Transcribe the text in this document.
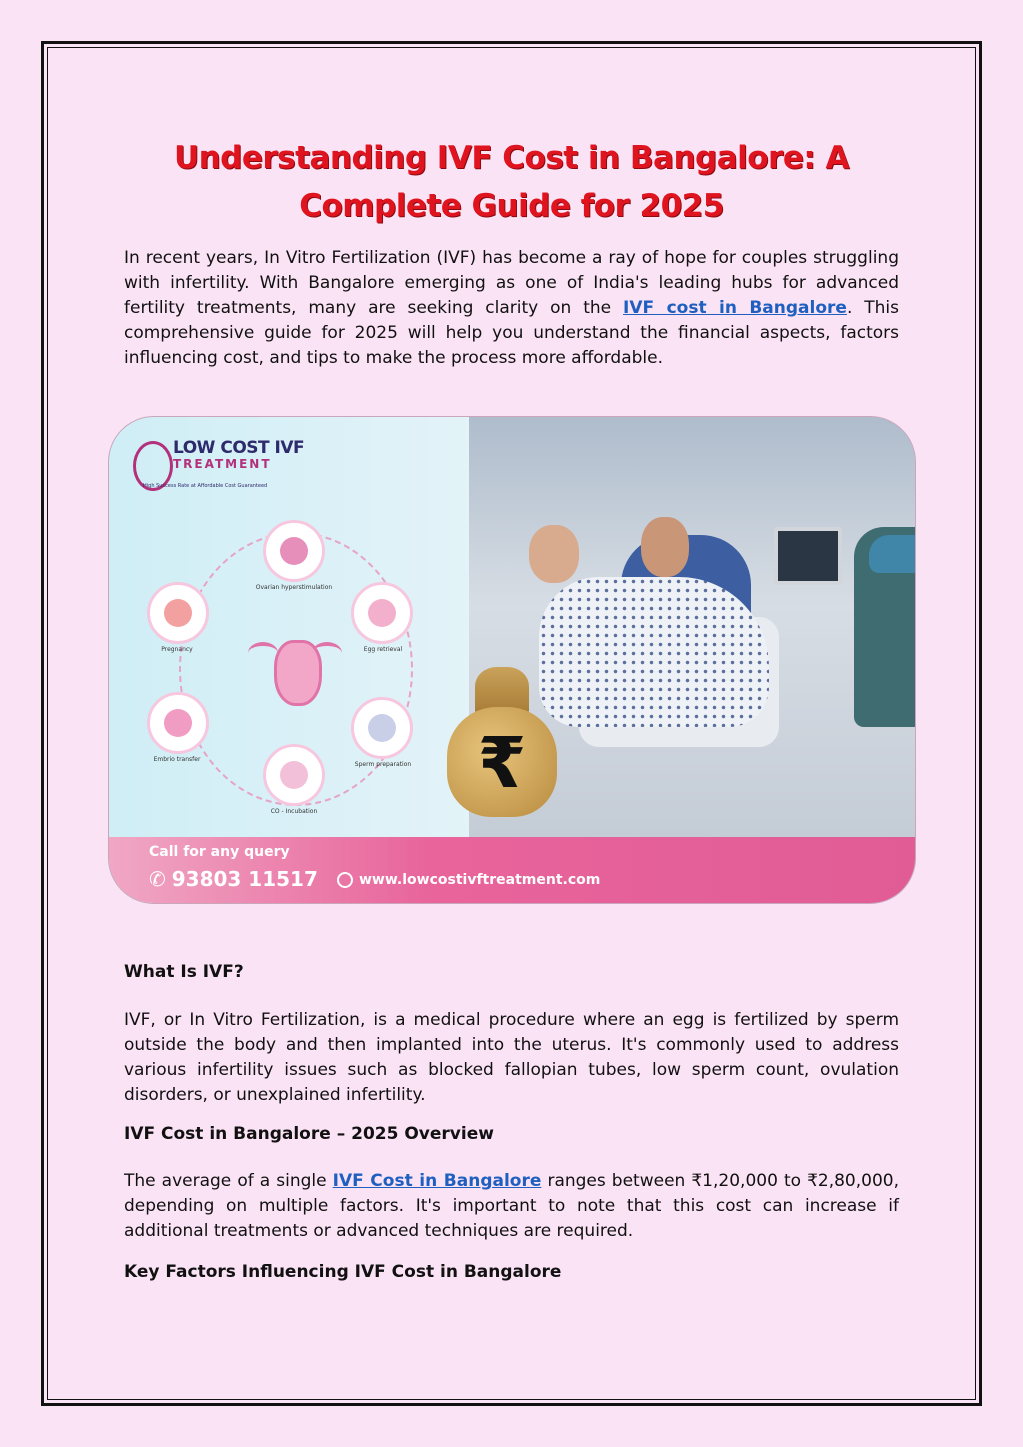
Understanding IVF Cost in Bangalore: A Complete Guide for 2025

In recent years, In Vitro Fertilization (IVF) has become a ray of hope for couples struggling with infertility. With Bangalore emerging as one of India's leading hubs for advanced fertility treatments, many are seeking clarity on the IVF cost in Bangalore. This comprehensive guide for 2025 will help you understand the financial aspects, factors influencing cost, and tips to make the process more affordable.

LOW COST IVF
TREATMENT
High Success Rate at Affordable Cost Guaranteed
Ovarian hyperstimulation
Egg retrieval
Sperm preparation
CO - Incubation
Embrio transfer
Pregnancy
₹
Call for any query
✆ 93803 11517	www.lowcostivftreatment.com
What Is IVF?

IVF, or In Vitro Fertilization, is a medical procedure where an egg is fertilized by sperm outside the body and then implanted into the uterus. It's commonly used to address various infertility issues such as blocked fallopian tubes, low sperm count, ovulation disorders, or unexplained infertility.

IVF Cost in Bangalore – 2025 Overview

The average of a single IVF Cost in Bangalore ranges between ₹1,20,000 to ₹2,80,000, depending on multiple factors. It's important to note that this cost can increase if additional treatments or advanced techniques are required.

Key Factors Influencing IVF Cost in Bangalore
